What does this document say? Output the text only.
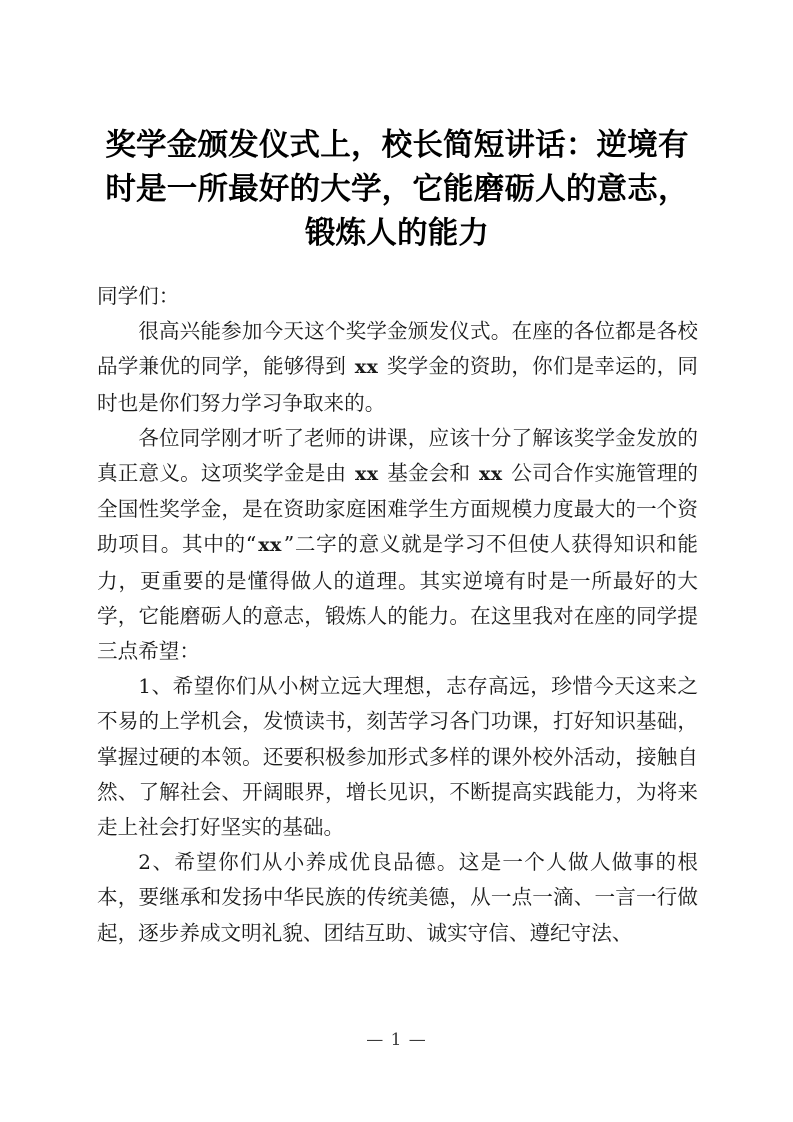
奖学金颁发仪式上，校长简短讲话：逆境有时是一所最好的大学，它能磨砺人的意志，锻炼人的能力

同学们：

很高兴能参加今天这个奖学金颁发仪式。在座的各位都是各校品学兼优的同学，能够得到 xx 奖学金的资助，你们是幸运的，同时也是你们努力学习争取来的。

各位同学刚才听了老师的讲课，应该十分了解该奖学金发放的真正意义。这项奖学金是由 xx 基金会和 xx 公司合作实施管理的全国性奖学金，是在资助家庭困难学生方面规模力度最大的一个资助项目。其中的“ xx”二字的意义就是学习不但使人获得知识和能力，更重要的是懂得做人的道理。其实逆境有时是一所最好的大学，它能磨砺人的意志，锻炼人的能力。在这里我对在座的同学提三点希望：

1、希望你们从小树立远大理想，志存高远，珍惜今天这来之不易的上学机会，发愤读书，刻苦学习各门功课，打好知识基础，掌握过硬的本领。还要积极参加形式多样的课外校外活动，接触自然、了解社会、开阔眼界，增长见识，不断提高实践能力，为将来走上社会打好坚实的基础。

2、希望你们从小养成优良品德。这是一个人做人做事的根本，要继承和发扬中华民族的传统美德，从一点一滴、一言一行做起，逐步养成文明礼貌、团结互助、诚实守信、遵纪守法、

— 1 —
